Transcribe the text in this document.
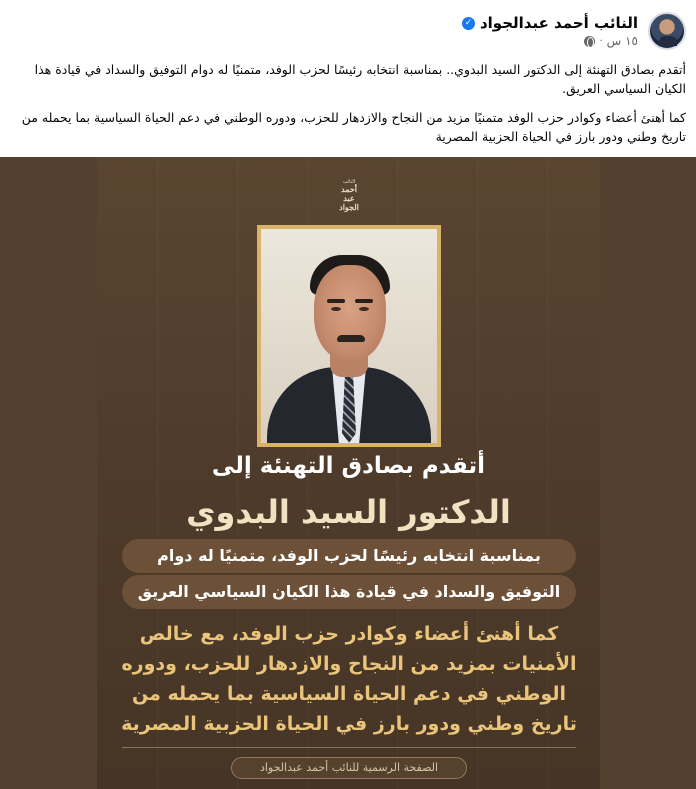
النائب أحمد عبدالجواد
✓
١٥ س
·
أتقدم بصادق التهنئة إلى الدكتور السيد البدوي.. بمناسبة انتخابه رئيسًا لحزب الوفد، متمنيًا له دوام التوفيق والسداد في قيادة هذا الكيان السياسي العريق.
كما أهنئ أعضاء وكوادر حزب الوفد متمنيًا مزيد من النجاح والازدهار للحزب، ودوره الوطني في دعم الحياة السياسية بما يحمله من تاريخ وطني ودور بارز في الحياة الحزبية المصرية
النائب
أحمد عبد الجواد
أتقدم بصادق التهنئة إلى
الدكتور السيد البدوي
بمناسبة انتخابه رئيسًا لحزب الوفد، متمنيًا له دوام
التوفيق والسداد في قيادة هذا الكيان السياسي العريق
كما أهنئ أعضاء وكوادر حزب الوفد، مع خالص الأمنيات بمزيد من النجاح والازدهار للحزب، ودوره الوطني في دعم الحياة السياسية بما يحمله من تاريخ وطني ودور بارز في الحياة الحزبية المصرية
الصفحة الرسمية للنائب أحمد عبدالجواد
